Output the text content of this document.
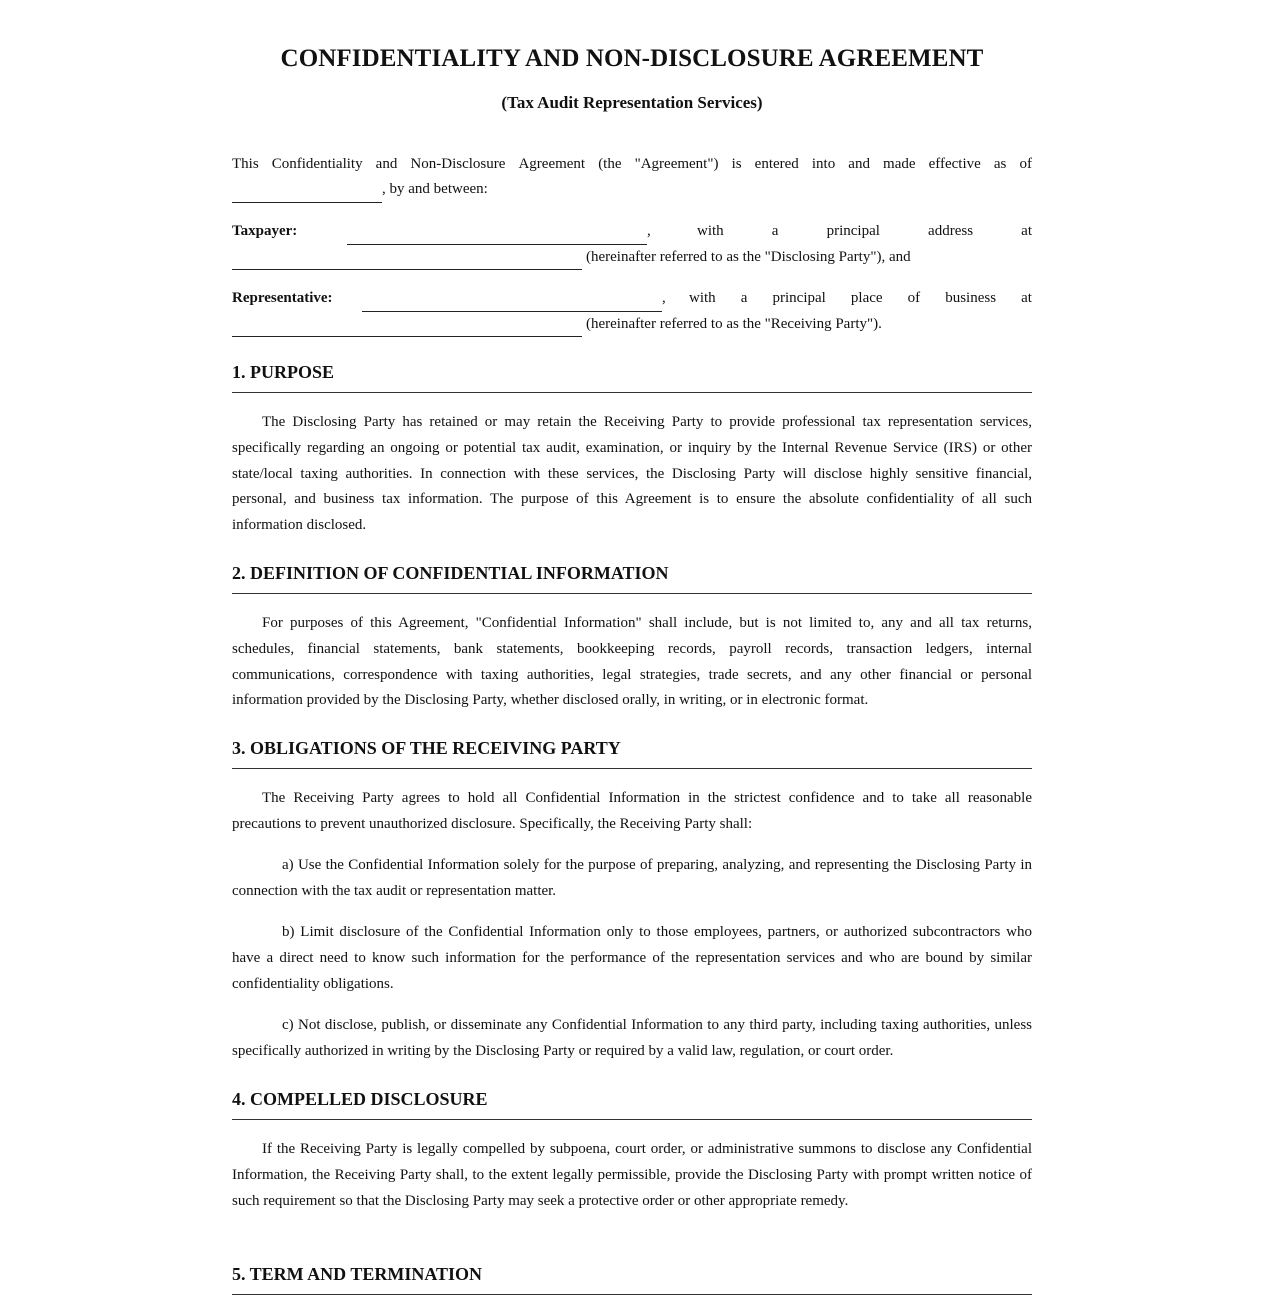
CONFIDENTIALITY AND NON-DISCLOSURE AGREEMENT
(Tax Audit Representation Services)
This Confidentiality and Non-Disclosure Agreement (the "Agreement") is entered into and made effective as of
, by and between:
Taxpayer:	,	with	a	principal	address	at
(hereinafter referred to as the "Disclosing Party"), and
Representative:	, with a principal place of business at
(hereinafter referred to as the "Receiving Party").
1. PURPOSE

The Disclosing Party has retained or may retain the Receiving Party to provide professional tax representation services, specifically regarding an ongoing or potential tax audit, examination, or inquiry by the Internal Revenue Service (IRS) or other state/local taxing authorities. In connection with these services, the Disclosing Party will disclose highly sensitive financial, personal, and business tax information. The purpose of this Agreement is to ensure the absolute confidentiality of all such information disclosed.

2. DEFINITION OF CONFIDENTIAL INFORMATION

For purposes of this Agreement, "Confidential Information" shall include, but is not limited to, any and all tax returns, schedules, financial statements, bank statements, bookkeeping records, payroll records, transaction ledgers, internal communications, correspondence with taxing authorities, legal strategies, trade secrets, and any other financial or personal information provided by the Disclosing Party, whether disclosed orally, in writing, or in electronic format.

3. OBLIGATIONS OF THE RECEIVING PARTY

The Receiving Party agrees to hold all Confidential Information in the strictest confidence and to take all reasonable precautions to prevent unauthorized disclosure. Specifically, the Receiving Party shall:

a) Use the Confidential Information solely for the purpose of preparing, analyzing, and representing the Disclosing Party in connection with the tax audit or representation matter.

b) Limit disclosure of the Confidential Information only to those employees, partners, or authorized subcontractors who have a direct need to know such information for the performance of the representation services and who are bound by similar confidentiality obligations.

c) Not disclose, publish, or disseminate any Confidential Information to any third party, including taxing authorities, unless specifically authorized in writing by the Disclosing Party or required by a valid law, regulation, or court order.

4. COMPELLED DISCLOSURE

If the Receiving Party is legally compelled by subpoena, court order, or administrative summons to disclose any Confidential Information, the Receiving Party shall, to the extent legally permissible, provide the Disclosing Party with prompt written notice of such requirement so that the Disclosing Party may seek a protective order or other appropriate remedy.

5. TERM AND TERMINATION
